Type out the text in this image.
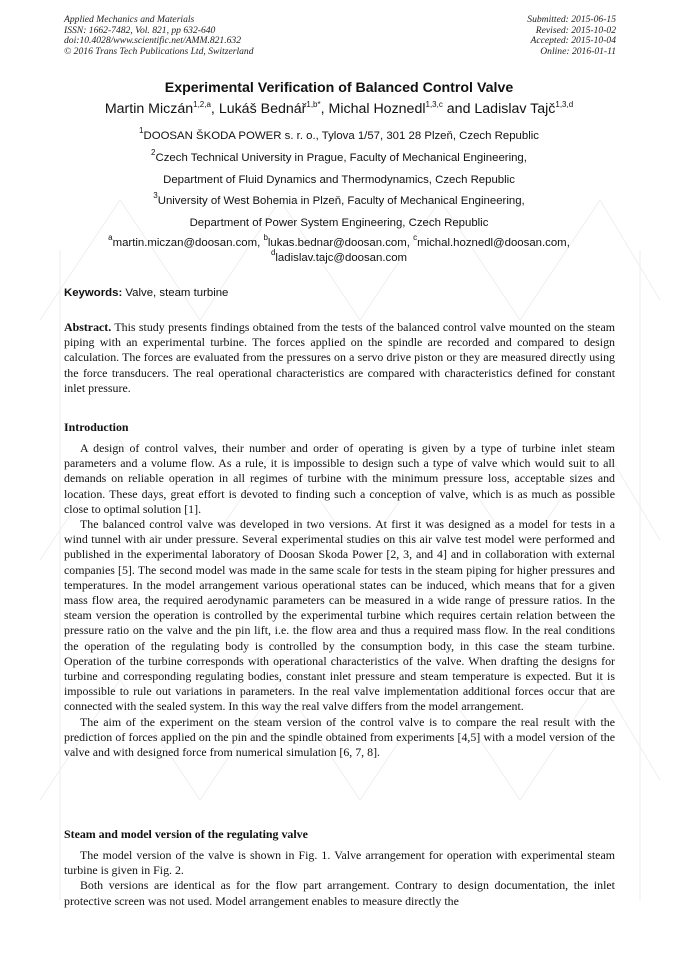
Applied Mechanics and Materials
ISSN: 1662-7482, Vol. 821, pp 632-640
doi:10.4028/www.scientific.net/AMM.821.632
© 2016 Trans Tech Publications Ltd, Switzerland
Submitted: 2015-06-15
Revised: 2015-10-02
Accepted: 2015-10-04
Online: 2016-01-11
Experimental Verification of Balanced Control Valve
Martin Miczán$^{1,2,a}$, Lukáš Bednář$^{1,b*}$, Michal Hoznedl$^{1,3,c}$ and Ladislav Tajč$^{1,3,d}$
$^1$DOOSAN ŠKODA POWER s. r. o., Tylova 1/57, 301 28 Plzeň, Czech Republic
$^2$Czech Technical University in Prague, Faculty of Mechanical Engineering,
Department of Fluid Dynamics and Thermodynamics, Czech Republic
$^3$University of West Bohemia in Plzeň, Faculty of Mechanical Engineering,
Department of Power System Engineering, Czech Republic
$^a$martin.miczan@doosan.com, $^b$lukas.bednar@doosan.com, $^c$michal.hoznedl@doosan.com,
$^d$ladislav.tajc@doosan.com
Keywords: Valve, steam turbine

Abstract. This study presents findings obtained from the tests of the balanced control valve mounted on the steam piping with an experimental turbine. The forces applied on the spindle are recorded and compared to design calculation. The forces are evaluated from the pressures on a servo drive piston or they are measured directly using the force transducers. The real operational characteristics are compared with characteristics defined for constant inlet pressure.

Introduction

A design of control valves, their number and order of operating is given by a type of turbine inlet steam parameters and a volume flow. As a rule, it is impossible to design such a type of valve which would suit to all demands on reliable operation in all regimes of turbine with the minimum pressure loss, acceptable sizes and location. These days, great effort is devoted to finding such a conception of valve, which is as much as possible close to optimal solution [1].

The balanced control valve was developed in two versions. At first it was designed as a model for tests in a wind tunnel with air under pressure. Several experimental studies on this air valve test model were performed and published in the experimental laboratory of Doosan Skoda Power [2, 3, and 4] and in collaboration with external companies [5]. The second model was made in the same scale for tests in the steam piping for higher pressures and temperatures. In the model arrangement various operational states can be induced, which means that for a given mass flow area, the required aerodynamic parameters can be measured in a wide range of pressure ratios. In the steam version the operation is controlled by the experimental turbine which requires certain relation between the pressure ratio on the valve and the pin lift, i.e. the flow area and thus a required mass flow. In the real conditions the operation of the regulating body is controlled by the consumption body, in this case the steam turbine. Operation of the turbine corresponds with operational characteristics of the valve. When drafting the designs for turbine and corresponding regulating bodies, constant inlet pressure and steam temperature is expected. But it is impossible to rule out variations in parameters. In the real valve implementation additional forces occur that are connected with the sealed system. In this way the real valve differs from the model arrangement.

The aim of the experiment on the steam version of the control valve is to compare the real result with the prediction of forces applied on the pin and the spindle obtained from experiments [4,5] with a model version of the valve and with designed force from numerical simulation [6, 7, 8].

Steam and model version of the regulating valve

The model version of the valve is shown in Fig. 1. Valve arrangement for operation with experimental steam turbine is given in Fig. 2.

Both versions are identical as for the flow part arrangement. Contrary to design documentation, the inlet protective screen was not used. Model arrangement enables to measure directly the
